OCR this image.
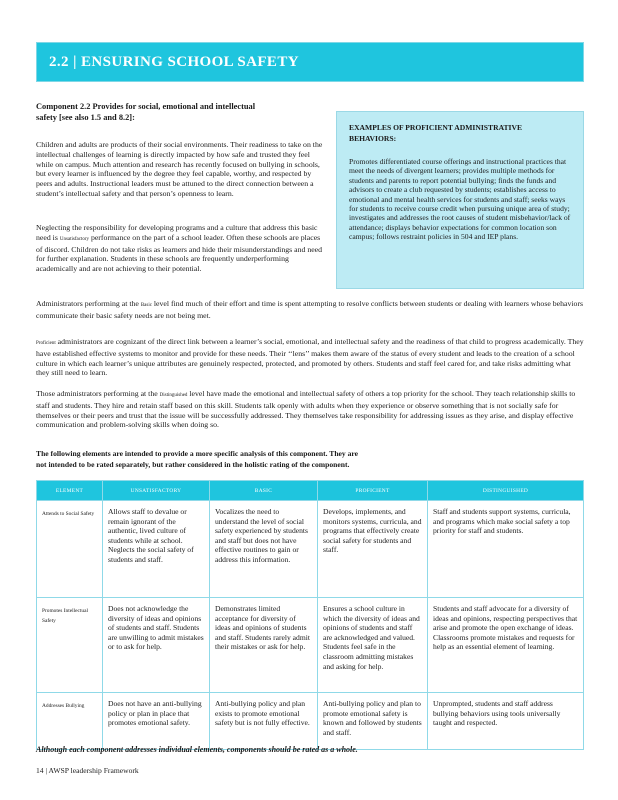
2.2 | ENSURING SCHOOL SAFETY
Component 2.2 Provides for social, emotional and intellectual safety [see also 1.5 and 8.2]:
Children and adults are products of their social environments. Their readiness to take on the intellectual challenges of learning is directly impacted by how safe and trusted they feel while on campus. Much attention and research has recently focused on bullying in schools, but every learner is influenced by the degree they feel capable, worthy, and respected by peers and adults. Instructional leaders must be attuned to the direct connection between a student’s intellectual safety and that person’s openness to learn.
Neglecting the responsibility for developing programs and a culture that address this basic need is Unsatisfactory performance on the part of a school leader. Often these schools are places of discord. Children do not take risks as learners and hide their misunderstandings and need for further explanation. Students in these schools are frequently underperforming academically and are not achieving to their potential.
EXAMPLES OF PROFICIENT ADMINISTRATIVE BEHAVIORS:
Promotes differentiated course offerings and instructional practices that meet the needs of divergent learners; provides multiple methods for students and parents to report potential bullying; finds the funds and advisors to create a club requested by students; establishes access to emotional and mental health services for students and staff; seeks ways for students to receive course credit when pursuing unique area of study; investigates and addresses the root causes of student misbehavior/lack of attendance; displays behavior expectations for common location son campus; follows restraint policies in 504 and IEP plans.
Administrators performing at the Basic level find much of their effort and time is spent attempting to resolve conflicts between students or dealing with learners whose behaviors communicate their basic safety needs are not being met.
Proficient administrators are cognizant of the direct link between a learner’s social, emotional, and intellectual safety and the readiness of that child to progress academically. They have established effective systems to monitor and provide for these needs. Their ‘‘lens’’ makes them aware of the status of every student and leads to the creation of a school culture in which each learner’s unique attributes are genuinely respected, protected, and promoted by others. Students and staff feel cared for, and take risks admitting what they still need to learn.
Those administrators performing at the Distinguished level have made the emotional and intellectual safety of others a top priority for the school. They teach relationship skills to staff and students. They hire and retain staff based on this skill. Students talk openly with adults when they experience or observe something that is not socially safe for themselves or their peers and trust that the issue will be successfully addressed. They themselves take responsibility for addressing issues as they arise, and display effective communication and problem-solving skills when doing so.
The following elements are intended to provide a more specific analysis of this component. They are not intended to be rated separately, but rather considered in the holistic rating of the component.
ELEMENT	UNSATISFACTORY	BASIC	PROFICIENT	DISTINGUISHED
Attends to Social Safety	Allows staff to devalue or remain ignorant of the authentic, lived culture of students while at school. Neglects the social safety of students and staff.	Vocalizes the need to understand the level of social safety experienced by students and staff but does not have effective routines to gain or address this information.	Develops, implements, and monitors systems, curricula, and programs that effectively create social safety for students and staff.	Staff and students support systems, curricula, and programs which make social safety a top priority for staff and students.
Promotes Intellectual Safety	Does not acknowledge the diversity of ideas and opinions of students and staff. Students are unwilling to admit mistakes or to ask for help.	Demonstrates limited acceptance for diversity of ideas and opinions of students and staff. Students rarely admit their mistakes or ask for help.	Ensures a school culture in which the diversity of ideas and opinions of students and staff are acknowledged and valued. Students feel safe in the classroom admitting mistakes and asking for help.	Students and staff advocate for a diversity of ideas and opinions, respecting perspectives that arise and promote the open exchange of ideas. Classrooms promote mistakes and requests for help as an essential element of learning.
Addresses Bullying	Does not have an anti-bullying policy or plan in place that promotes emotional safety.	Anti-bullying policy and plan exists to promote emotional safety but is not fully effective.	Anti-bullying policy and plan to promote emotional safety is known and followed by students and staff.	Unprompted, students and staff address bullying behaviors using tools universally taught and respected.
Although each component addresses individual elements, components should be rated as a whole.
14 | AWSP leadership Framework
